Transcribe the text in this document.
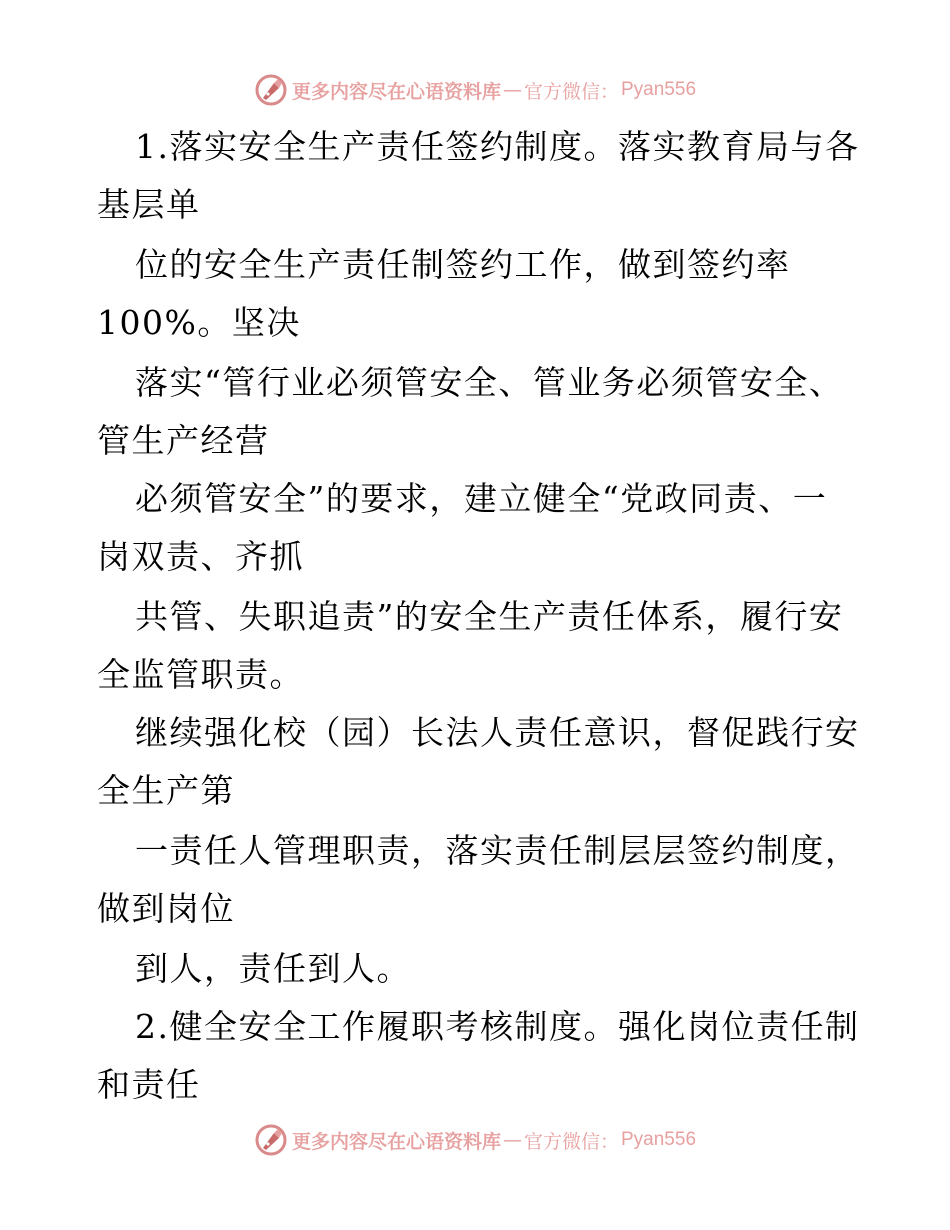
更多内容尽在心语资料库 — 官方微信： Pyan556
1.落实安全生产责任签约制度。落实教育局与各
基层单
位的安全生产责任制签约工作，做到签约率
100%。坚决
落实“管行业必须管安全、管业务必须管安全、
管生产经营
必须管安全”的要求，建立健全“党政同责、一
岗双责、齐抓
共管、失职追责”的安全生产责任体系，履行安
全监管职责。
继续强化校（园）长法人责任意识，督促践行安
全生产第
一责任人管理职责，落实责任制层层签约制度，
做到岗位
到人，责任到人。
2.健全安全工作履职考核制度。强化岗位责任制
和责任
更多内容尽在心语资料库 — 官方微信： Pyan556
